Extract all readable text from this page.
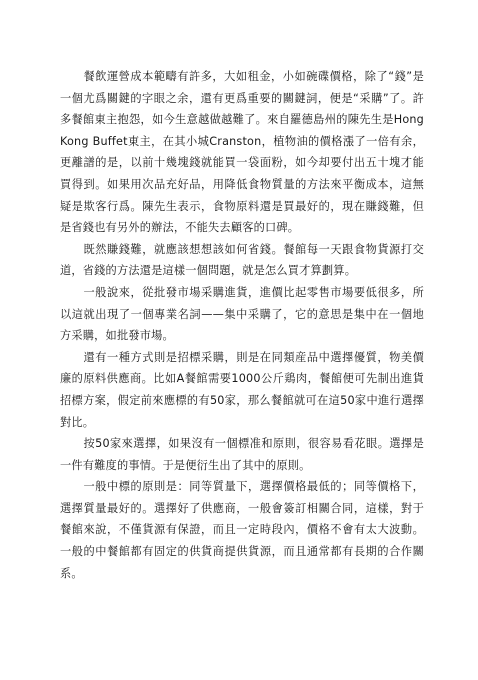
餐飲運營成本範疇有許多，大如租金，小如碗碟價格，除了“錢”是一個尤爲關鍵的字眼之余，還有更爲重要的關鍵詞，便是“采購”了。許多餐館東主抱怨，如今生意越做越難了。來自羅德島州的陳先生是Hong Kong Buffet東主，在其小城Cranston，植物油的價格漲了一倍有余，更離譜的是，以前十幾塊錢就能買一袋面粉，如今却要付出五十塊才能買得到。如果用次品充好品，用降低食物質量的方法來平衡成本，這無疑是欺客行爲。陳先生表示，食物原料還是買最好的，現在賺錢難，但是省錢也有另外的辦法，不能失去顧客的口碑。

既然賺錢難，就應該想想該如何省錢。餐館每一天跟食物貨源打交道，省錢的方法還是這樣一個問題，就是怎么買才算劃算。

一般說來，從批發市場采購進貨，進價比起零售市場要低很多，所以這就出現了一個專業名詞——集中采購了，它的意思是集中在一個地方采購，如批發市場。

還有一種方式則是招標采購，則是在同類産品中選擇優質，物美價廉的原料供應商。比如A餐館需要1000公斤鶏肉，餐館便可先制出進貨招標方案，假定前來應標的有50家，那么餐館就可在這50家中進行選擇對比。

按50家來選擇，如果沒有一個標准和原則，很容易看花眼。選擇是一件有難度的事情。于是便衍生出了其中的原則。

一般中標的原則是：同等質量下，選擇價格最低的；同等價格下，選擇質量最好的。選擇好了供應商，一般會簽訂相關合同，這樣，對于餐館來說，不僅貨源有保證，而且一定時段內，價格不會有太大波動。一般的中餐館都有固定的供貨商提供貨源，而且通常都有長期的合作關系。
